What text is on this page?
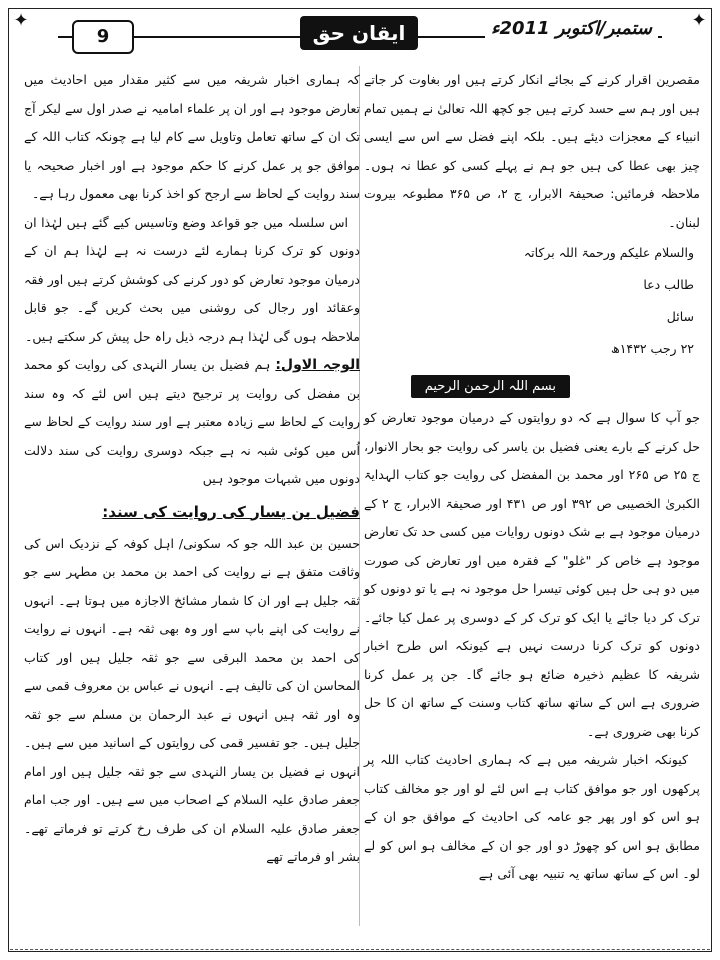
✦	✦
9	ایقان حق	ستمبر/اکتوبر 2011ء

مقصرین اقرار کرنے کے بجائے انکار کرتے ہیں اور بغاوت کر جاتے ہیں اور ہم سے حسد کرتے ہیں جو کچھ اللہ تعالیٰ نے ہمیں تمام انبیاء کے معجزات دیئے ہیں۔ بلکہ اپنے فضل سے اس سے ایسی چیز بھی عطا کی ہیں جو ہم نے پہلے کسی کو عطا نہ ہوں۔ ملاحظہ فرمائیں: صحیفۃ الابرار، ج ۲، ص ۳۶۵ مطبوعہ بیروت لبنان۔

والسلام علیکم ورحمۃ اللہ برکاتہ

طالب دعا

سائل

۲۲ رجب ۱۴۳۲ھ

بسم اللہ الرحمن الرحیم

جو آپ کا سوال ہے کہ دو روایتوں کے درمیان موجود تعارض کو حل کرنے کے بارے یعنی فضیل بن یاسر کی روایت جو بحار الانوار، ج ۲۵ ص ۲۶۵ اور محمد بن المفضل کی روایت جو کتاب الہدایۃ الکبریٰ الخصیبی ص ۳۹۲ اور ص ۴۳۱ اور صحیفۃ الابرار، ج ۲ کے درمیان موجود ہے بے شک دونوں روایات میں کسی حد تک تعارض موجود ہے خاص کر "غلو" کے فقرہ میں اور تعارض کی صورت میں دو ہی حل ہیں کوئی تیسرا حل موجود نہ ہے یا تو دونوں کو ترک کر دیا جائے یا ایک کو ترک کر کے دوسری پر عمل کیا جائے۔ دونوں کو ترک کرنا درست نہیں ہے کیونکہ اس طرح اخبار شریفہ کا عظیم ذخیرہ ضائع ہو جائے گا۔ جن پر عمل کرنا ضروری ہے اس کے ساتھ ساتھ کتاب وسنت کے ساتھ ان کا حل کرنا بھی ضروری ہے۔

کیونکہ اخبار شریفہ میں ہے کہ ہماری احادیث کتاب اللہ پر پرکھوں اور جو موافق کتاب ہے اس لئے لو اور جو مخالف کتاب ہو اس کو اور پھر جو عامہ کی احادیث کے موافق جو ان کے مطابق ہو اس کو چھوڑ دو اور جو ان کے مخالف ہو اس کو لے لو۔ اس کے ساتھ ساتھ یہ تنبیہ بھی آئی ہے

کہ ہماری اخبار شریفہ میں سے کثیر مقدار میں احادیث میں تعارض موجود ہے اور ان پر علماء امامیہ نے صدر اول سے لیکر آج تک ان کے ساتھ تعامل وتاویل سے کام لیا ہے چونکہ کتاب اللہ کے موافق جو پر عمل کرنے کا حکم موجود ہے اور اخبار صحیحہ یا سند روایت کے لحاظ سے ارجح کو اخذ کرنا بھی معمول رہا ہے۔

اس سلسلہ میں جو قواعد وضع وتاسیس کیے گئے ہیں لہٰذا ان دونوں کو ترک کرنا ہمارے لئے درست نہ ہے لہٰذا ہم ان کے درمیان موجود تعارض کو دور کرنے کی کوشش کرتے ہیں اور فقہ وعقائد اور رجال کی روشنی میں بحث کریں گے۔ جو قابل ملاحظہ ہوں گی لہٰذا ہم درجہ ذیل راہ حل پیش کر سکتے ہیں۔

الوجہ الاول: ہم فضیل بن یسار النہدی کی روایت کو محمد بن مفضل کی روایت پر ترجیح دیتے ہیں اس لئے کہ وہ سند روایت کے لحاظ سے زیادہ معتبر ہے اور سند روایت کے لحاظ سے اُس میں کوئی شبہ نہ ہے جبکہ دوسری روایت کی سند دلالت دونوں میں شبہات موجود ہیں

فضیل بن یسار کی روایت کی سند:

حسین بن عبد اللہ جو کہ سکونی/ اہل کوفہ کے نزدیک اس کی وثاقت متفق ہے نے روایت کی احمد بن محمد بن مطہر سے جو ثقہ جلیل ہے اور ان کا شمار مشائخ الاجازہ میں ہوتا ہے۔ انہوں نے روایت کی اپنے باپ سے اور وہ بھی ثقہ ہے۔ انہوں نے روایت کی احمد بن محمد البرقی سے جو ثقہ جلیل ہیں اور کتاب المحاسن ان کی تالیف ہے۔ انہوں نے عباس بن معروف قمی سے وہ اور ثقہ ہیں انہوں نے عبد الرحمان بن مسلم سے جو ثقہ جلیل ہیں۔ جو تفسیر قمی کی روایتوں کے اسانید میں سے ہیں۔ انہوں نے فضیل بن یسار النہدی سے جو ثقہ جلیل ہیں اور امام جعفر صادق علیہ السلام کے اصحاب میں سے ہیں۔ اور جب امام جعفر صادق علیہ السلام ان کی طرف رخ کرتے تو فرماتے تھے۔ بشر او فرماتے تھے
